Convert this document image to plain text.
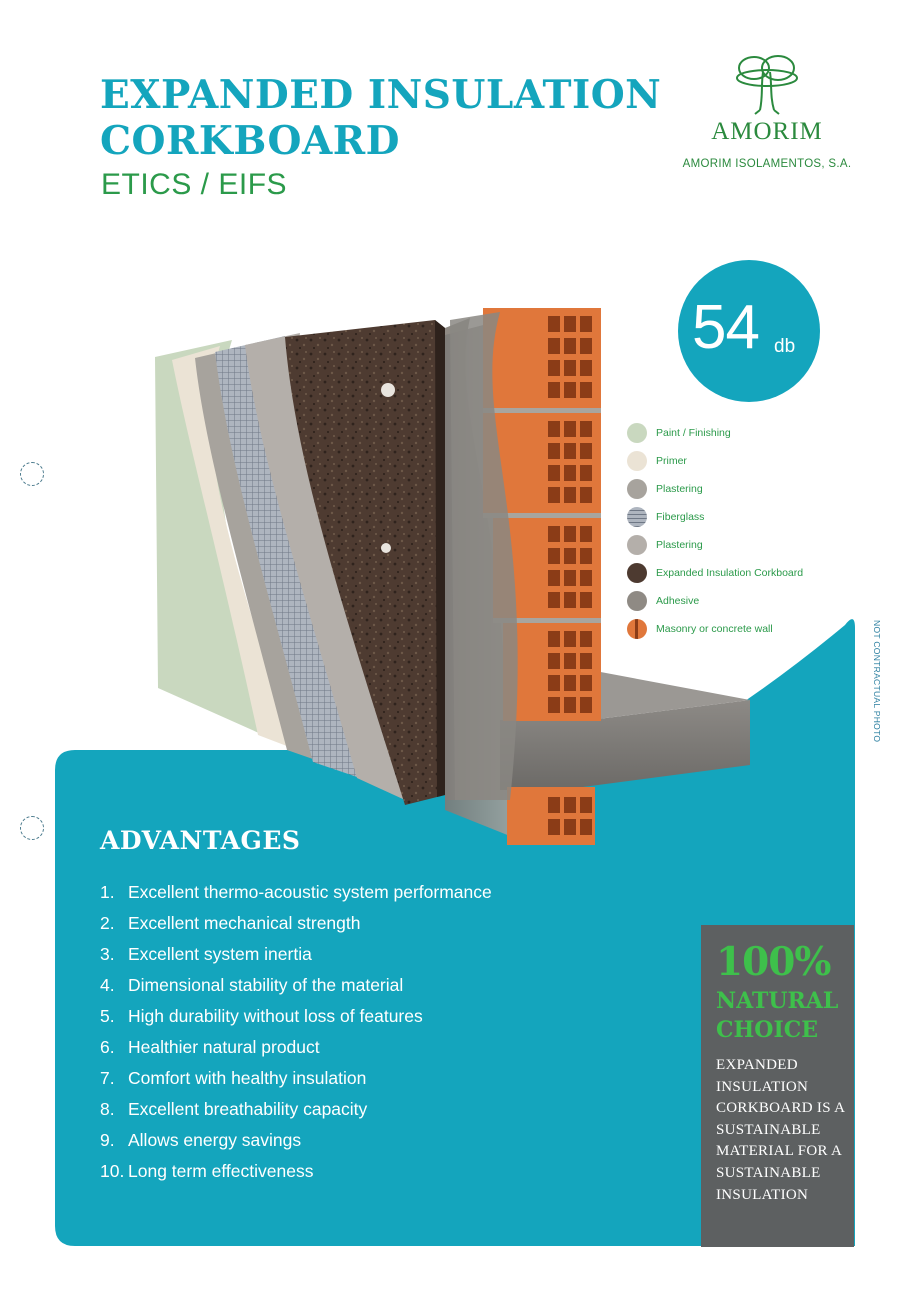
EXPANDED INSULATION
CORKBOARD
ETICS / EIFS
AMORIM
AMORIM ISOLAMENTOS, S.A.
54 db
Paint / Finishing
Primer
Plastering
Fiberglass
Plastering
Expanded Insulation Corkboard
Adhesive
Masonry or concrete wall	NOT CONTRACTUAL PHOTO
ADVANTAGES
1. Excellent thermo-acoustic system performance
2. Excellent mechanical strength
3. Excellent system inertia
4. Dimensional stability of the material
5. High durability without loss of features
6. Healthier natural product
7. Comfort with healthy insulation
8. Excellent breathability capacity
9. Allows energy savings
10. Long term effectiveness
100%
NATURAL
CHOICE
EXPANDED INSULATION CORKBOARD IS A SUSTAINABLE MATERIAL FOR A SUSTAINABLE INSULATION
